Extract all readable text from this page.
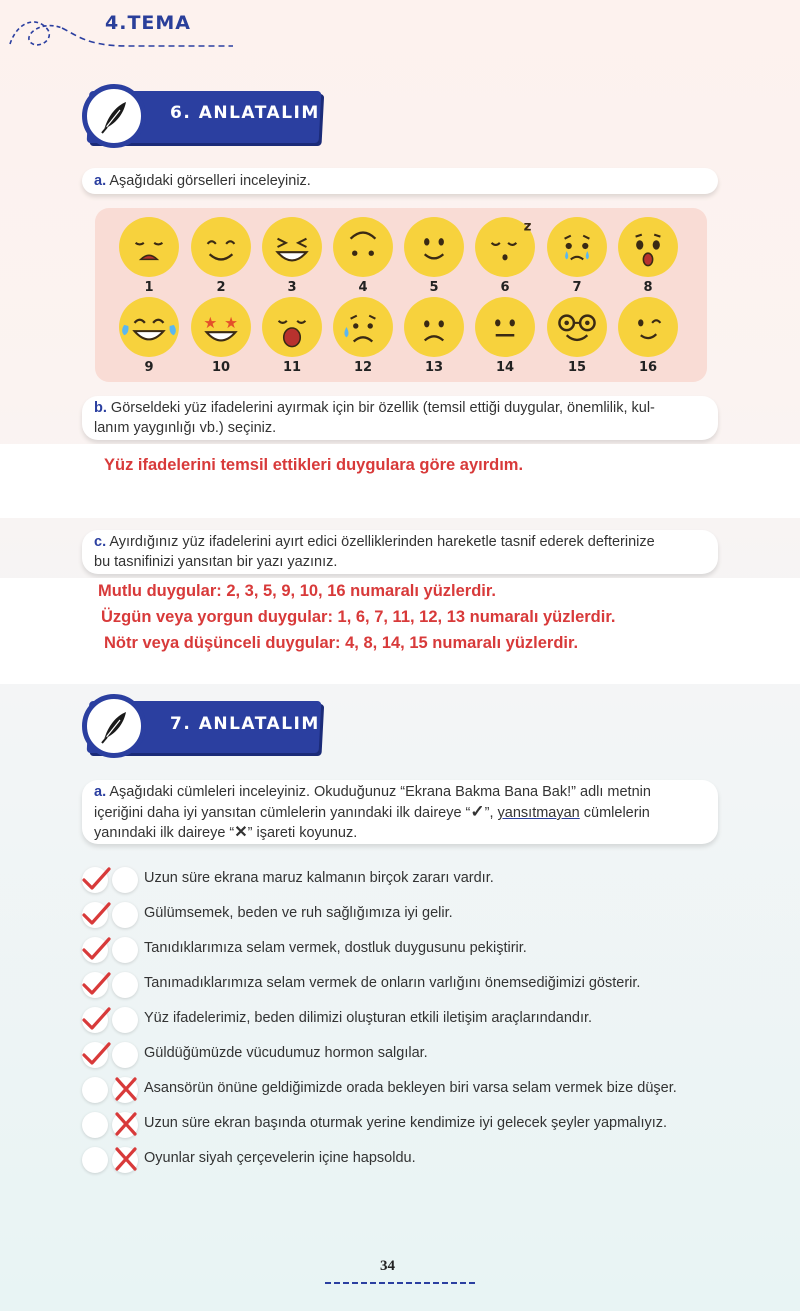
4.TEMA
6. ANLATALIM
a. Aşağıdaki görselleri inceleyiniz.
1	2	3	4	5
z
6	7	8
9
★ ★
10	11	12	13	14	15	16
b. Görseldeki yüz ifadelerini ayırmak için bir özellik (temsil ettiği duygular, önemlilik, kul-
lanım yaygınlığı vb.) seçiniz.
Yüz ifadelerini temsil ettikleri duygulara göre ayırdım.
c. Ayırdığınız yüz ifadelerini ayırt edici özelliklerinden hareketle tasnif ederek defterinize
bu tasnifinizi yansıtan bir yazı yazınız.
Mutlu duygular: 2, 3, 5, 9, 10, 16 numaralı yüzlerdir.
Üzgün veya yorgun duygular: 1, 6, 7, 11, 12, 13 numaralı yüzlerdir.
Nötr veya düşünceli duygular: 4, 8, 14, 15 numaralı yüzlerdir.
7. ANLATALIM
a. Aşağıdaki cümleleri inceleyiniz. Okuduğunuz “Ekrana Bakma Bana Bak!” adlı metnin
içeriğini daha iyi yansıtan cümlelerin yanındaki ilk daireye “✓”, yansıtmayan cümlelerin
yanındaki ilk daireye “✕” işareti koyunuz.
Uzun süre ekrana maruz kalmanın birçok zararı vardır.
Gülümsemek, beden ve ruh sağlığımıza iyi gelir.
Tanıdıklarımıza selam vermek, dostluk duygusunu pekiştirir.
Tanımadıklarımıza selam vermek de onların varlığını önemsediğimizi gösterir.
Yüz ifadelerimiz, beden dilimizi oluşturan etkili iletişim araçlarındandır.
Güldüğümüzde vücudumuz hormon salgılar.
Asansörün önüne geldiğimizde orada bekleyen biri varsa selam vermek bize düşer.
Uzun süre ekran başında oturmak yerine kendimize iyi gelecek şeyler yapmalıyız.
Oyunlar siyah çerçevelerin içine hapsoldu.
34
